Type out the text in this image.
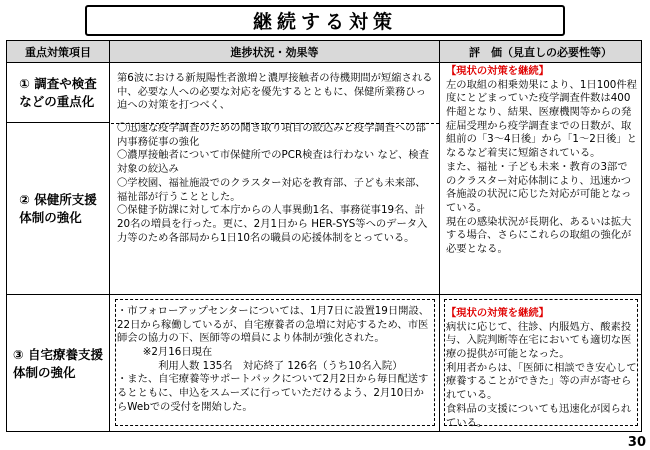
継続する対策
重点対策項目	進捗状況・効果等	評　価（見直しの必要性等）
① 調査や検査
などの重点化
② 保健所支援
体制の強化
③ 自宅療養支援
体制の強化

第6波における新規陽性者激増と濃厚接触者の待機期間が短縮される中、必要な人への必要な対応を優先するとともに、保健所業務ひっ迫への対策を打つべく、

〇迅速な疫学調査のための聞き取り項目の絞込みと疫学調査への部内事務従事の強化

〇濃厚接触者について市保健所でのPCR検査は行わない など、検査対象の絞込み

〇学校園、福祉施設でのクラスター対応を教育部、子ども未来部、福祉部が行うこととした。

〇保健予防課に対して本庁からの人事異動1名、事務従事19名、計20名の増員を行った。更に、2月1日から HER-SYS等へのデータ入力等のため各部局から1日10名の職員の応援体制をとっている。

【現状の対策を継続】

左の取組の相乗効果により、1日100件程度にとどまっていた疫学調査件数は400件超となり、結果、医療機関等からの発症届受理から疫学調査までの日数が、取組前の「3～4日後」から「1～2日後」となるなど着実に短縮されている。
また、福祉・子ども未来・教育の3部でのクラスター対応体制により、迅速かつ各施設の状況に応じた対応が可能となっている。
現在の感染状況が長期化、あるいは拡大する場合、さらにこれらの取組の強化が必要となる。

・市フォローアップセンターについては、1月7日に設置19日開設、22日から稼働しているが、自宅療養者の急増に対応するため、市医師会の協力の下、医師等の増員により体制が強化された。

※2月16日現在

利用人数 135名　対応終了 126名（うち10名入院）

・また、自宅療養等サポートパックについて2月2日から毎日配送するとともに、申込をスムーズに行っていただけるよう、2月10日からWebでの受付を開始した。

【現状の対策を継続】

病状に応じて、往診、内服処方、酸素投与、入院判断等在宅においても適切な医療の提供が可能となった。
利用者からは、「医師に相談でき安心して療養することができた」等の声が寄せられている。
食料品の支援についても迅速化が図られている。

30
